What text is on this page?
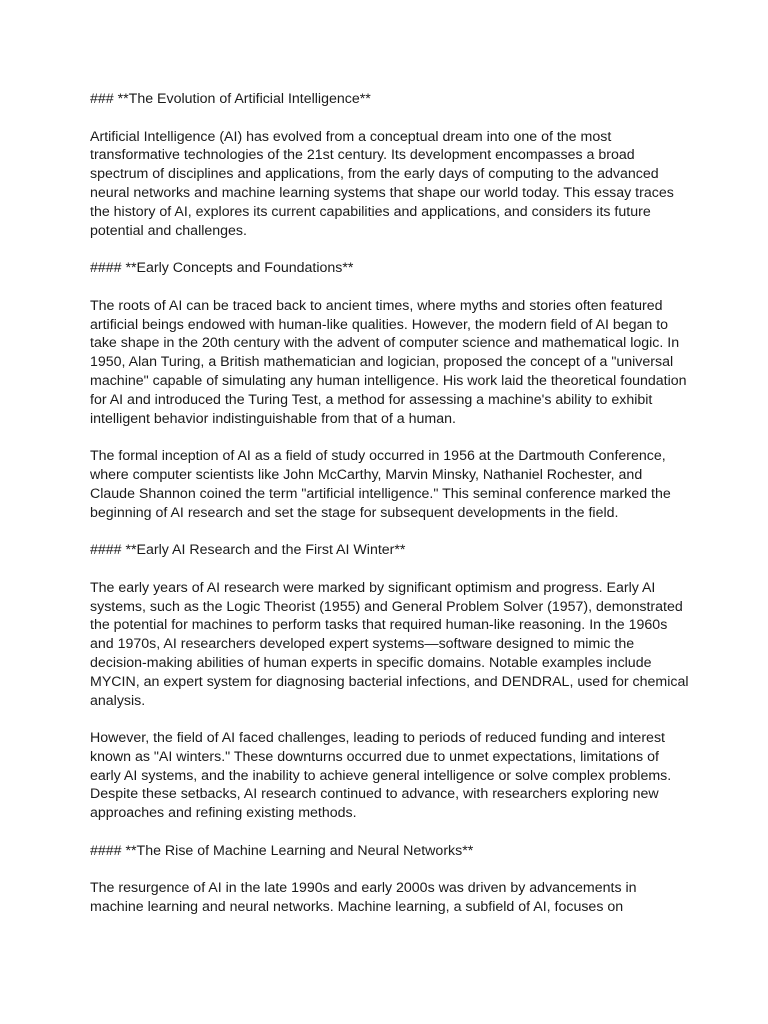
### **The Evolution of Artificial Intelligence**

Artificial Intelligence (AI) has evolved from a conceptual dream into one of the most transformative technologies of the 21st century. Its development encompasses a broad spectrum of disciplines and applications, from the early days of computing to the advanced neural networks and machine learning systems that shape our world today. This essay traces the history of AI, explores its current capabilities and applications, and considers its future potential and challenges.

#### **Early Concepts and Foundations**

The roots of AI can be traced back to ancient times, where myths and stories often featured artificial beings endowed with human-like qualities. However, the modern field of AI began to take shape in the 20th century with the advent of computer science and mathematical logic. In 1950, Alan Turing, a British mathematician and logician, proposed the concept of a "universal machine" capable of simulating any human intelligence. His work laid the theoretical foundation for AI and introduced the Turing Test, a method for assessing a machine's ability to exhibit intelligent behavior indistinguishable from that of a human.

The formal inception of AI as a field of study occurred in 1956 at the Dartmouth Conference, where computer scientists like John McCarthy, Marvin Minsky, Nathaniel Rochester, and Claude Shannon coined the term "artificial intelligence." This seminal conference marked the beginning of AI research and set the stage for subsequent developments in the field.

#### **Early AI Research and the First AI Winter**

The early years of AI research were marked by significant optimism and progress. Early AI systems, such as the Logic Theorist (1955) and General Problem Solver (1957), demonstrated the potential for machines to perform tasks that required human-like reasoning. In the 1960s and 1970s, AI researchers developed expert systems—software designed to mimic the decision-making abilities of human experts in specific domains. Notable examples include MYCIN, an expert system for diagnosing bacterial infections, and DENDRAL, used for chemical analysis.

However, the field of AI faced challenges, leading to periods of reduced funding and interest known as "AI winters." These downturns occurred due to unmet expectations, limitations of early AI systems, and the inability to achieve general intelligence or solve complex problems. Despite these setbacks, AI research continued to advance, with researchers exploring new approaches and refining existing methods.

#### **The Rise of Machine Learning and Neural Networks**

The resurgence of AI in the late 1990s and early 2000s was driven by advancements in machine learning and neural networks. Machine learning, a subfield of AI, focuses on
